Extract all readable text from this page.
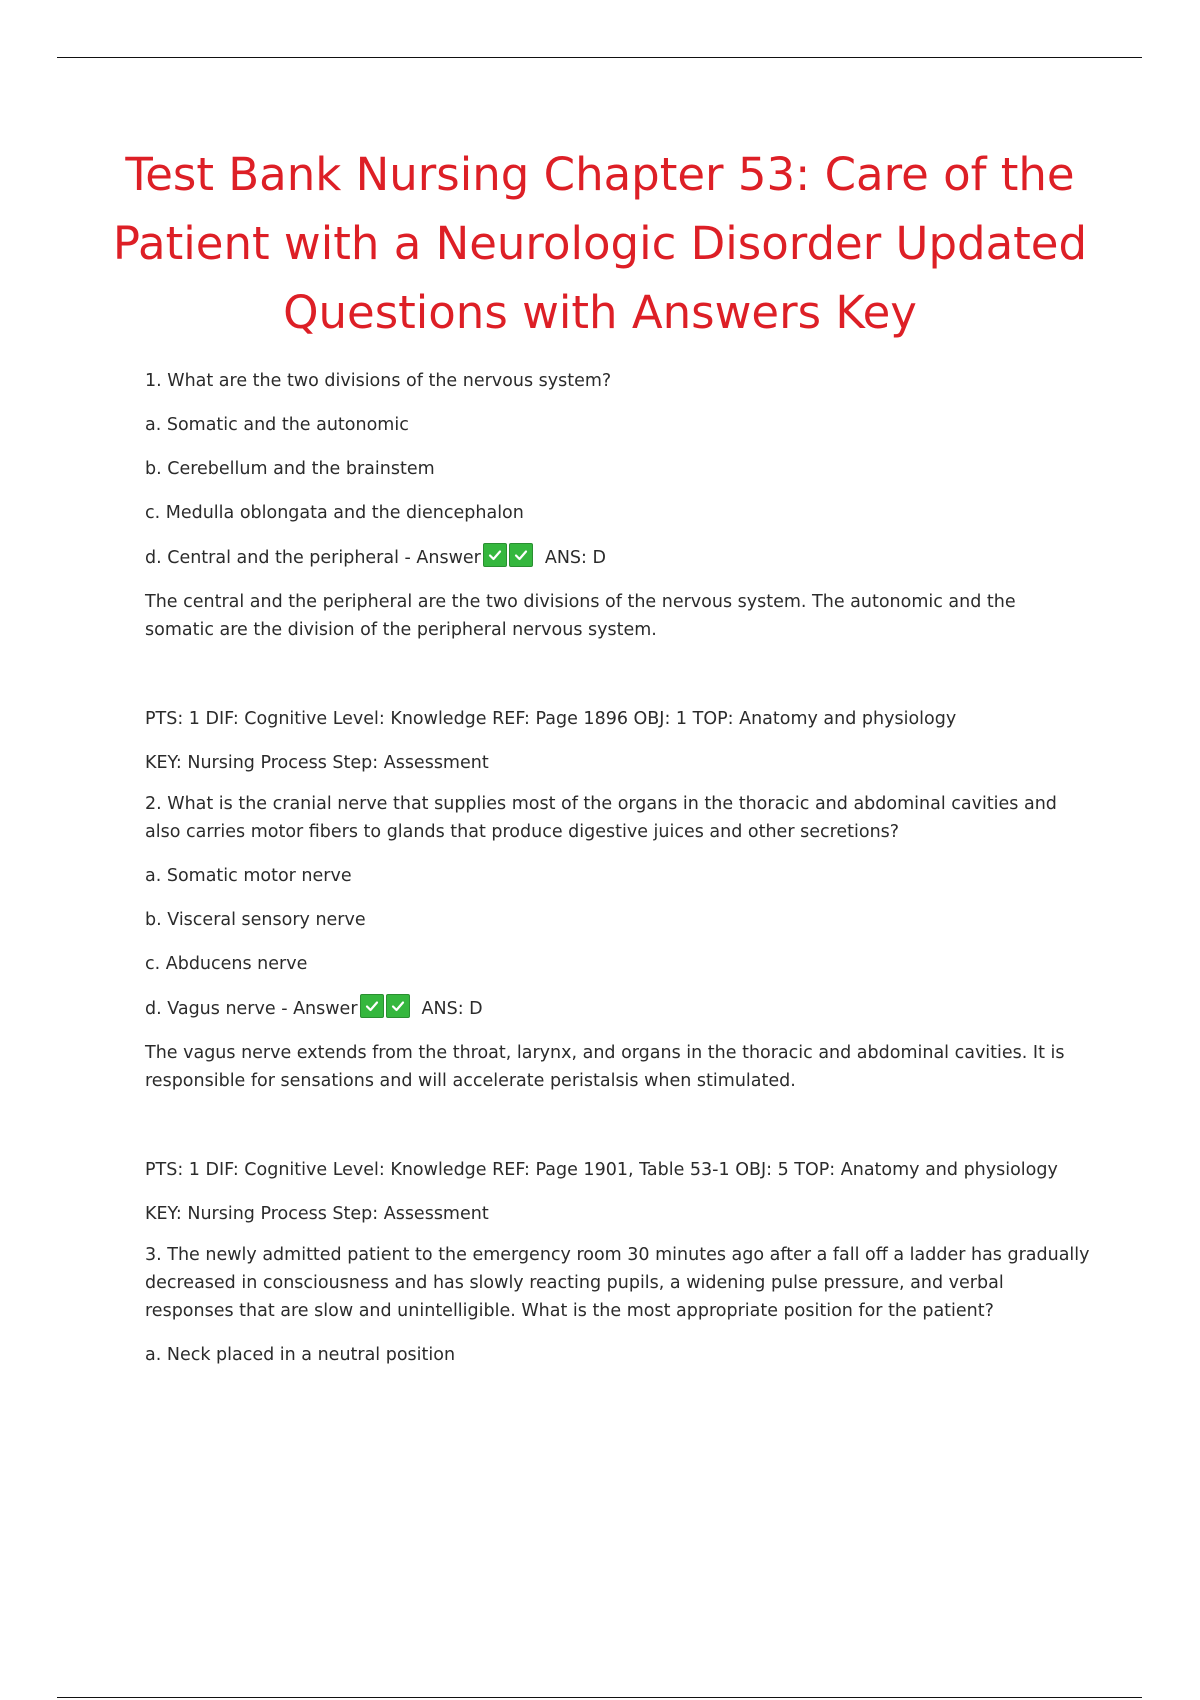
Test Bank Nursing Chapter 53: Care of the Patient with a Neurologic Disorder Updated Questions with Answers Key

1. What are the two divisions of the nervous system?

a. Somatic and the autonomic

b. Cerebellum and the brainstem

c. Medulla oblongata and the diencephalon

d. Central and the peripheral - Answer	ANS: D

The central and the peripheral are the two divisions of the nervous system. The autonomic and the somatic are the division of the peripheral nervous system.

PTS: 1 DIF: Cognitive Level: Knowledge REF: Page 1896 OBJ: 1 TOP: Anatomy and physiology

KEY: Nursing Process Step: Assessment

2. What is the cranial nerve that supplies most of the organs in the thoracic and abdominal cavities and also carries motor fibers to glands that produce digestive juices and other secretions?

a. Somatic motor nerve

b. Visceral sensory nerve

c. Abducens nerve

d. Vagus nerve - Answer	ANS: D

The vagus nerve extends from the throat, larynx, and organs in the thoracic and abdominal cavities. It is responsible for sensations and will accelerate peristalsis when stimulated.

PTS: 1 DIF: Cognitive Level: Knowledge REF: Page 1901, Table 53-1 OBJ: 5 TOP: Anatomy and physiology

KEY: Nursing Process Step: Assessment

3. The newly admitted patient to the emergency room 30 minutes ago after a fall off a ladder has gradually decreased in consciousness and has slowly reacting pupils, a widening pulse pressure, and verbal responses that are slow and unintelligible. What is the most appropriate position for the patient?

a. Neck placed in a neutral position
